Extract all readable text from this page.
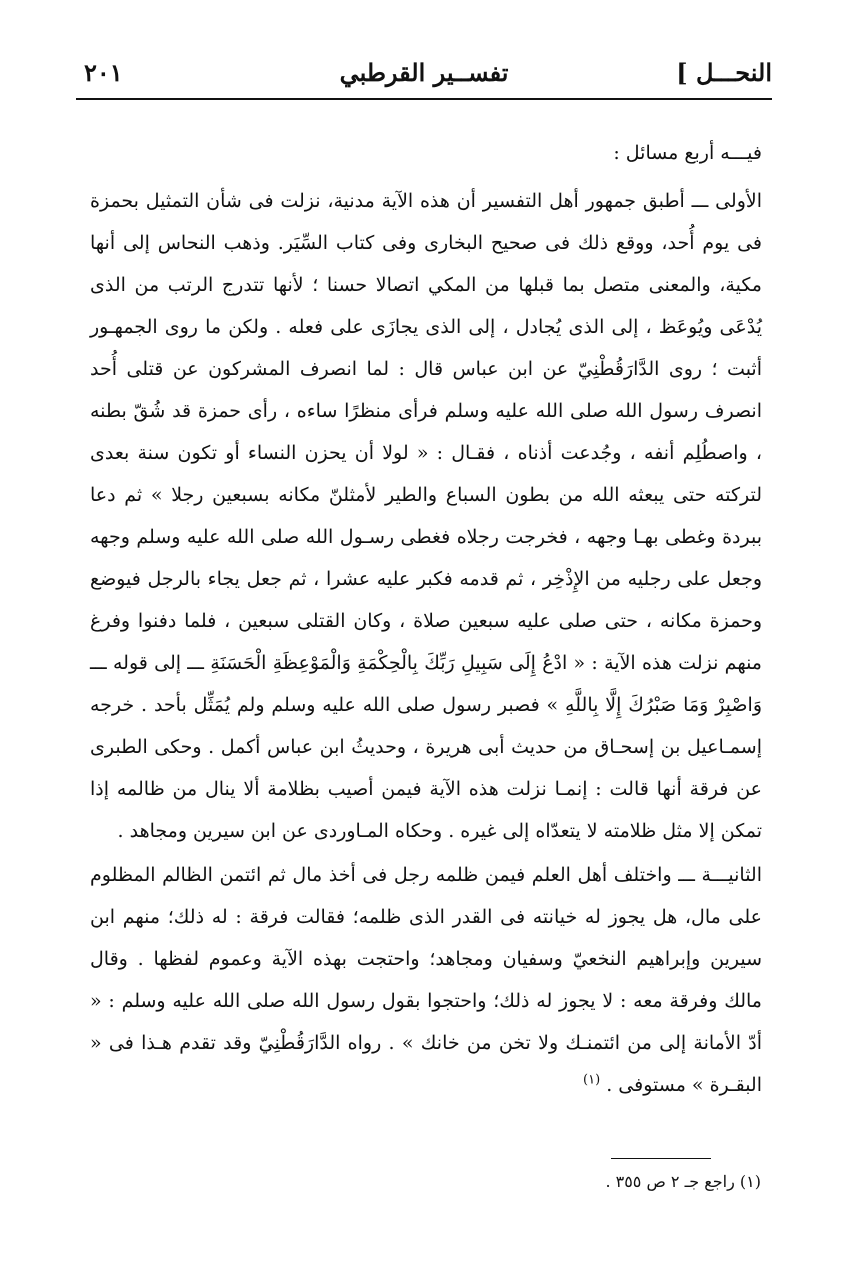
النحـــل ]
تفســير القرطبي
٢٠١

فيـــه أربع مسائل :

الأولى ـــ أطبق جمهور أهل التفسير أن هذه الآية مدنية، نزلت فى شأن التمثيل بحمزة فى يوم أُحد، ووقع ذلك فى صحيح البخارى وفى كتاب السِّيَر. وذهب النحاس إلى أنها مكية، والمعنى متصل بما قبلها من المكي اتصالا حسنا ؛ لأنها تتدرج الرتب من الذى يُدْعَى ويُوعَظ ، إلى الذى يُجادل ، إلى الذى يجازَى على فعله . ولكن ما روى الجمهـور أثبت ؛ روى الدَّارَقُطْنِيّ عن ابن عباس قال : لما انصرف المشركون عن قتلى أُحد انصرف رسول الله صلى الله عليه وسلم فرأى منظرًا ساءه ، رأى حمزة قد شُقّ بطنه ، واصطُلِم أنفه ، وجُدعت أذناه ، فقـال : « لولا أن يحزن النساء أو تكون سنة بعدى لتركته حتى يبعثه الله من بطون السباع والطير لأمثلنّ مكانه بسبعين رجلا » ثم دعا ببردة وغطى بهـا وجهه ، فخرجت رجلاه فغطى رسـول الله صلى الله عليه وسلم وجهه وجعل على رجليه من الإِذْخِر ، ثم قدمه فكبر عليه عشرا ، ثم جعل يجاء بالرجل فيوضع وحمزة مكانه ، حتى صلى عليه سبعين صلاة ، وكان القتلى سبعين ، فلما دفنوا وفرغ منهم نزلت هذه الآية : « ادْعُ إِلَى سَبِيلِ رَبِّكَ بِالْحِكْمَةِ وَالْمَوْعِظَةِ الْحَسَنَةِ ـــ إلى قوله ـــ وَاصْبِرْ وَمَا صَبْرُكَ إِلَّا بِاللَّهِ » فصبر رسول صلى الله عليه وسلم ولم يُمَثِّل بأحد . خرجه إسمـاعيل بن إسحـاق من حديث أبى هريرة ، وحديثُ ابن عباس أكمل . وحكى الطبرى عن فرقة أنها قالت : إنمـا نزلت هذه الآية فيمن أصيب بظلامة ألا ينال من ظالمه إذا تمكن إلا مثل ظلامته لا يتعدّاه إلى غيره . وحكاه المـاوردى عن ابن سيرين ومجاهد .

الثانيـــة ـــ واختلف أهل العلم فيمن ظلمه رجل فى أخذ مال ثم ائتمن الظالم المظلوم على مال، هل يجوز له خيانته فى القدر الذى ظلمه؛ فقالت فرقة : له ذلك؛ منهم ابن سيرين وإبراهيم النخعيّ وسفيان ومجاهد؛ واحتجت بهذه الآية وعموم لفظها . وقال مالك وفرقة معه : لا يجوز له ذلك؛ واحتجوا بقول رسول الله صلى الله عليه وسلم : « أدّ الأمانة إلى من ائتمنـك ولا تخن من خانك » . رواه الدَّارَقُطْنِيّ وقد تقدم هـذا فى « البقـرة » مستوفى . $^{(١)}$

(١) راجع جـ ٢ ص ٣٥٥ .
